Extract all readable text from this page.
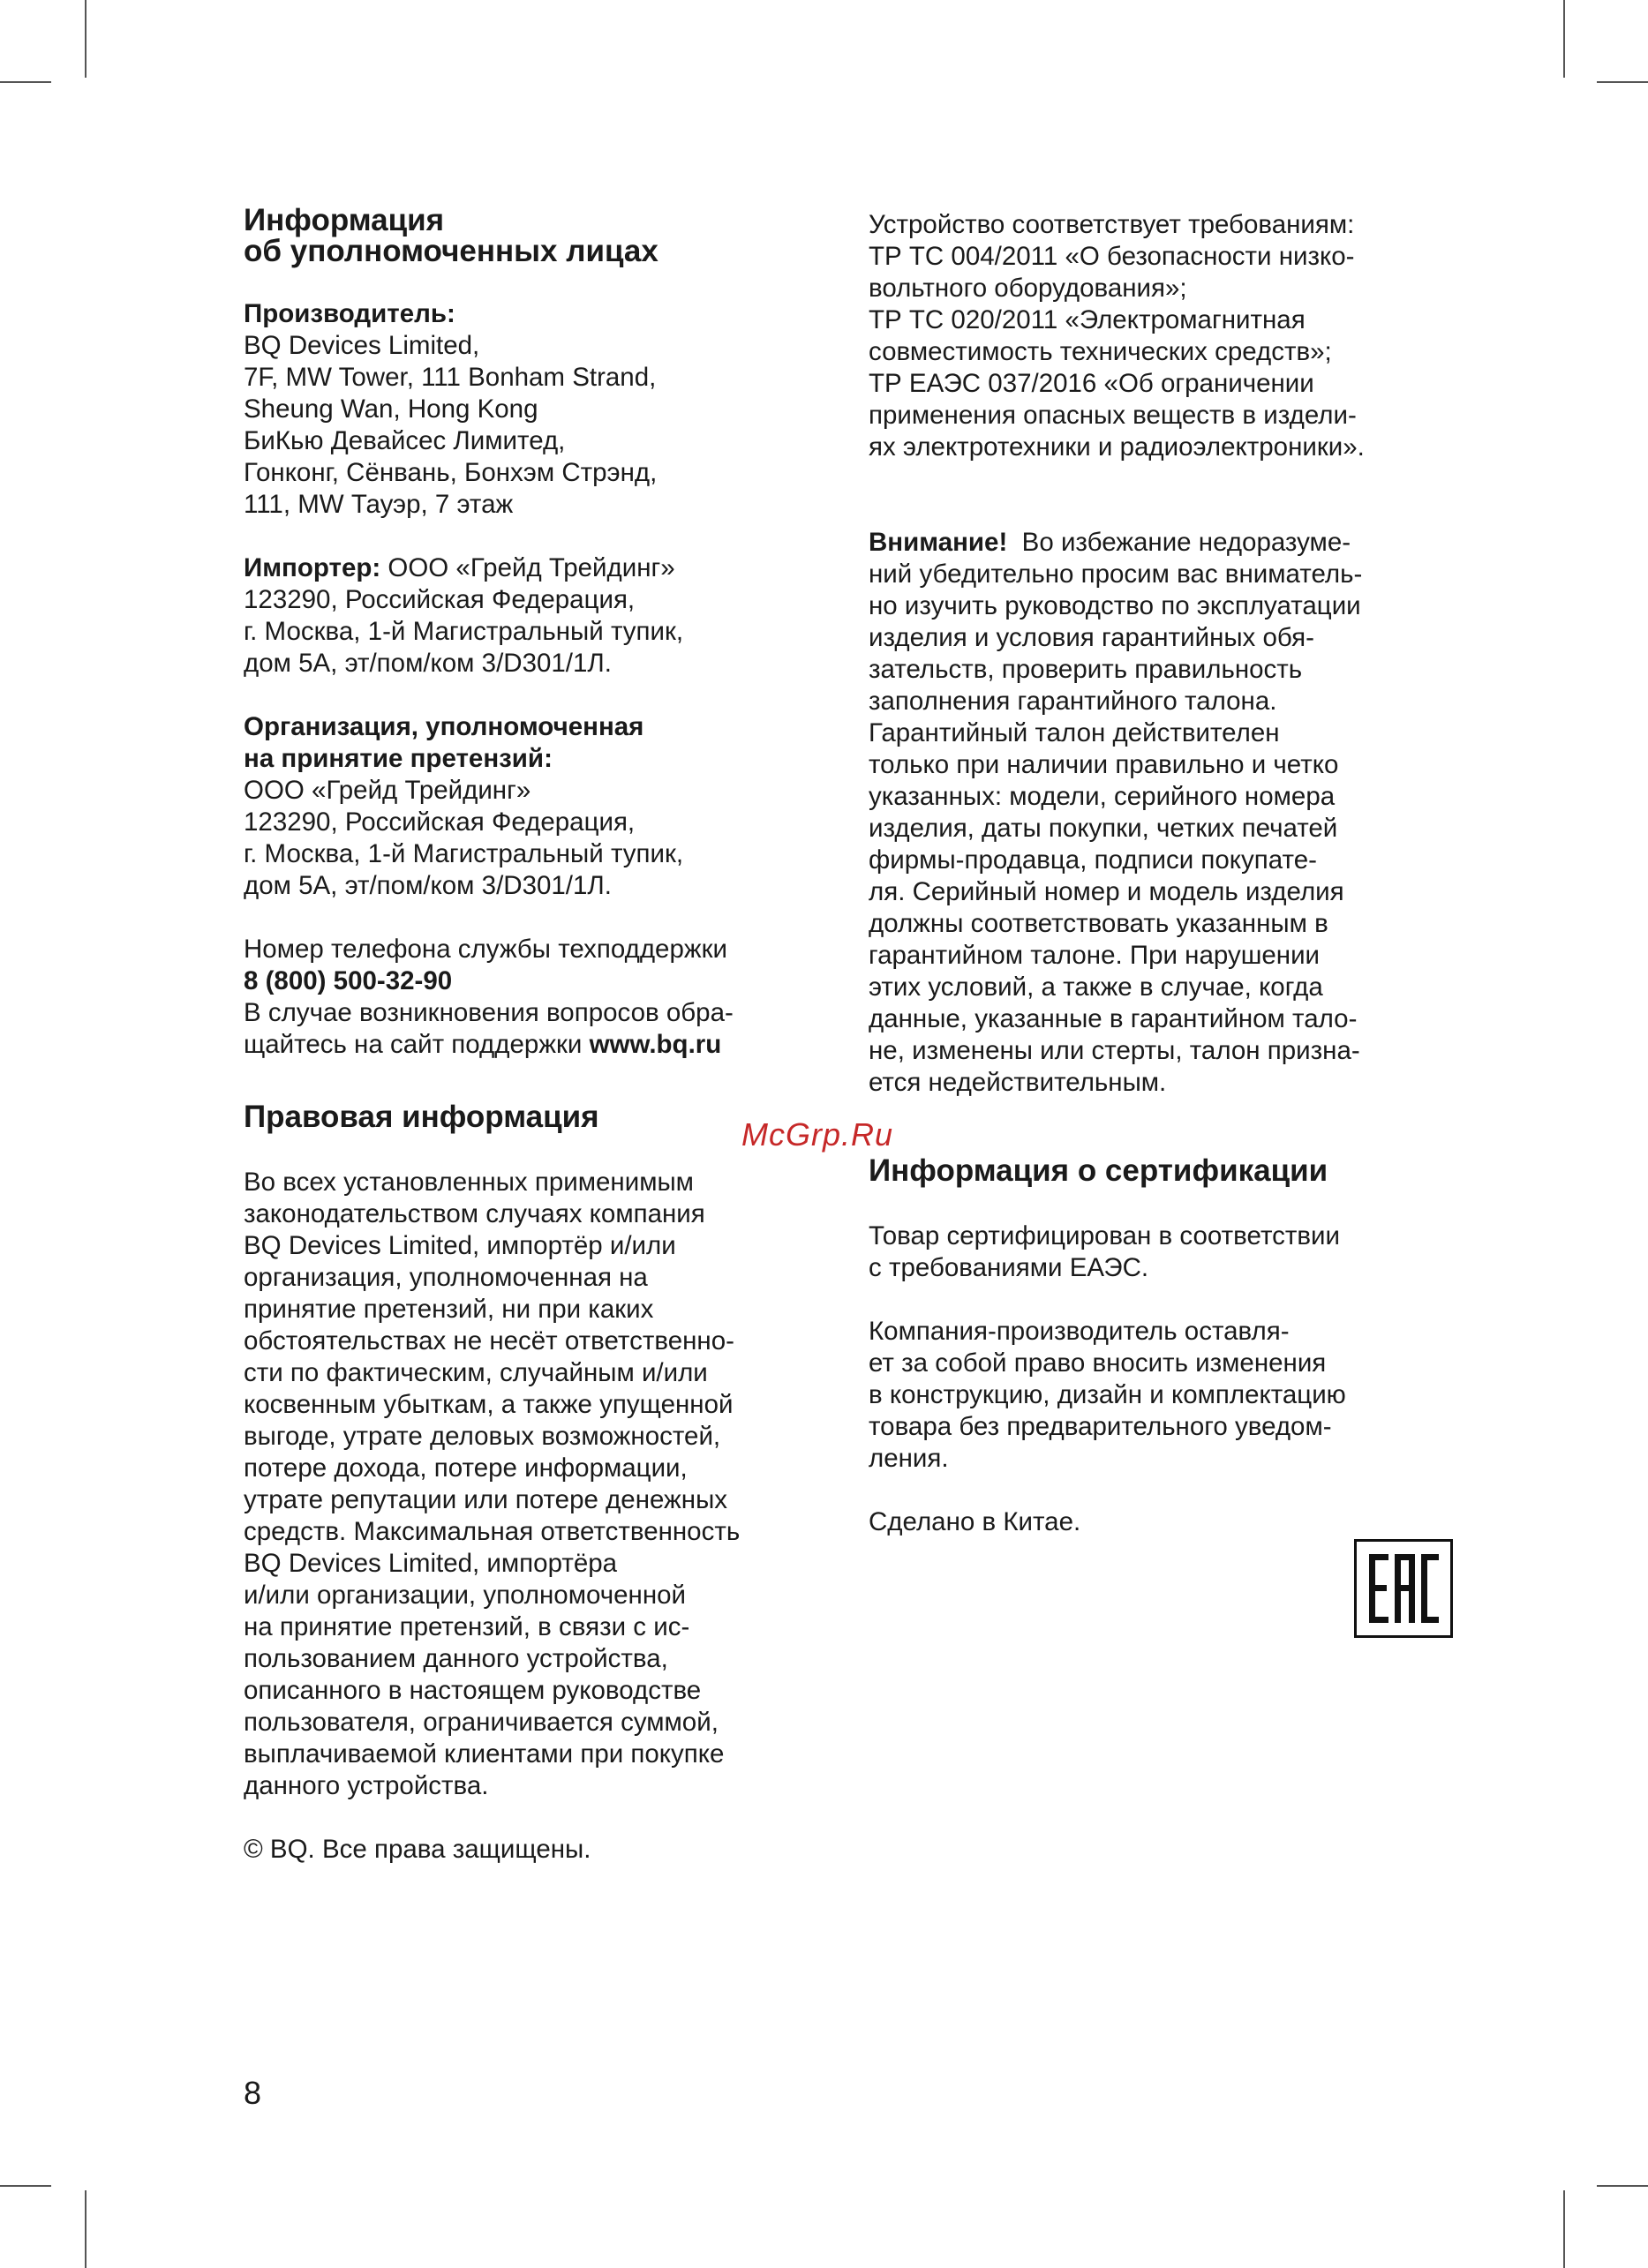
Информация
об уполномоченных лицах
Производитель:
BQ Devices Limited,
7F, MW Tower, 111 Bonham Strand,
Sheung Wan, Hong Kong
БиКью Девайсес Лимитед,
Гонконг, Сёнвань, Бонхэм Стрэнд,
111, MW Тауэр, 7 этаж
Импортер: ООО «Грейд Трейдинг»
123290, Российская Федерация,
г. Москва, 1-й Магистральный тупик,
дом 5А, эт/пом/ком 3/D301/1Л.
Организация, уполномоченная
на принятие претензий:
ООО «Грейд Трейдинг»
123290, Российская Федерация,
г. Москва, 1-й Магистральный тупик,
дом 5А, эт/пом/ком 3/D301/1Л.
Номер телефона службы техподдержки
8 (800) 500-32-90
В случае возникновения вопросов обра-
щайтесь на сайт поддержки www.bq.ru
Правовая информация
Во всех установленных применимым
законодательством случаях компания
BQ Devices Limited, импортёр и/или
организация, уполномоченная на
принятие претензий, ни при каких
обстоятельствах не несёт ответственно-
сти по фактическим, случайным и/или
косвенным убыткам, а также упущенной
выгоде, утрате деловых возможностей,
потере дохода, потере информации,
утрате репутации или потере денежных
средств. Максимальная ответственность
BQ Devices Limited, импортёра
и/или организации, уполномоченной
на принятие претензий, в связи с ис-
пользованием данного устройства,
описанного в настоящем руководстве
пользователя, ограничивается суммой,
выплачиваемой клиентами при покупке
данного устройства.
© BQ. Все права защищены.
Устройство соответствует требованиям:
ТР ТС 004/2011 «О безопасности низко-
вольтного оборудования»;
ТР ТС 020/2011 «Электромагнитная
совместимость технических средств»;
ТР ЕАЭС 037/2016 «Об ограничении
применения опасных веществ в издели-
ях электротехники и радиоэлектроники».
Внимание!  Во избежание недоразуме-
ний убедительно просим вас вниматель-
но изучить руководство по эксплуатации
изделия и условия гарантийных обя-
зательств, проверить правильность
заполнения гарантийного талона.
Гарантийный талон действителен
только при наличии правильно и четко
указанных: модели, серийного номера
изделия, даты покупки, четких печатей
фирмы-продавца, подписи покупате-
ля. Серийный номер и модель изделия
должны соответствовать указанным в
гарантийном талоне. При нарушении
этих условий, а также в случае, когда
данные, указанные в гарантийном тало-
не, изменены или стерты, талон призна-
ется недействительным.
Информация о сертификации
Товар сертифицирован в соответствии
с требованиями ЕАЭС.
Компания-производитель оставля-
ет за собой право вносить изменения
в конструкцию, дизайн и комплектацию
товара без предварительного уведом-
ления.
Сделано в Китае.
McGrp.Ru
8
